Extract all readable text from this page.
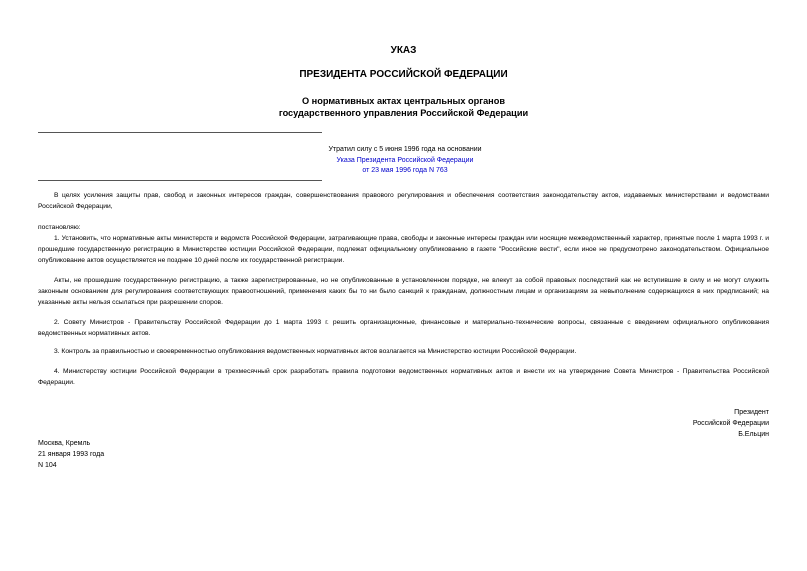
УКАЗ
ПРЕЗИДЕНТА РОССИЙСКОЙ ФЕДЕРАЦИИ
О нормативных актах центральных органов
государственного управления Российской Федерации
Утратил силу с 5 июня 1996 года на основании
Указа Президента Российской Федерации
от 23 мая 1996 года N 763

В целях усиления защиты прав, свобод и законных интересов граждан, совершенствования правового регулирования и обеспечения соответствия законодательству актов, издаваемых министерствами и ведомствами Российской Федерации,

постановляю:

1. Установить, что нормативные акты министерств и ведомств Российской Федерации, затрагивающие права, свободы и законные интересы граждан или носящие межведомственный характер, принятые после 1 марта 1993 г. и прошедшие государственную регистрацию в Министерстве юстиции Российской Федерации, подлежат официальному опубликованию в газете "Российские вести", если иное не предусмотрено законодательством. Официальное опубликование актов осуществляется не позднее 10 дней после их государственной регистрации.

Акты, не прошедшие государственную регистрацию, а также зарегистрированные, но не опубликованные в установленном порядке, не влекут за собой правовых последствий как не вступившие в силу и не могут служить законным основанием для регулирования соответствующих правоотношений, применения каких бы то ни было санкций к гражданам, должностным лицам и организациям за невыполнение содержащихся в них предписаний; на указанные акты нельзя ссылаться при разрешении споров.

2. Совету Министров - Правительству Российской Федерации до 1 марта 1993 г. решить организационные, финансовые и материально-технические вопросы, связанные с введением официального опубликования ведомственных нормативных актов.

3. Контроль за правильностью и своевременностью опубликования ведомственных нормативных актов возлагается на Министерство юстиции Российской Федерации.

4. Министерству юстиции Российской Федерации в трехмесячный срок разработать правила подготовки ведомственных нормативных актов и внести их на утверждение Совета Министров - Правительства Российской Федерации.

Президент
Российской Федерации
Б.Ельцин
Москва, Кремль
21 января 1993 года
N 104
